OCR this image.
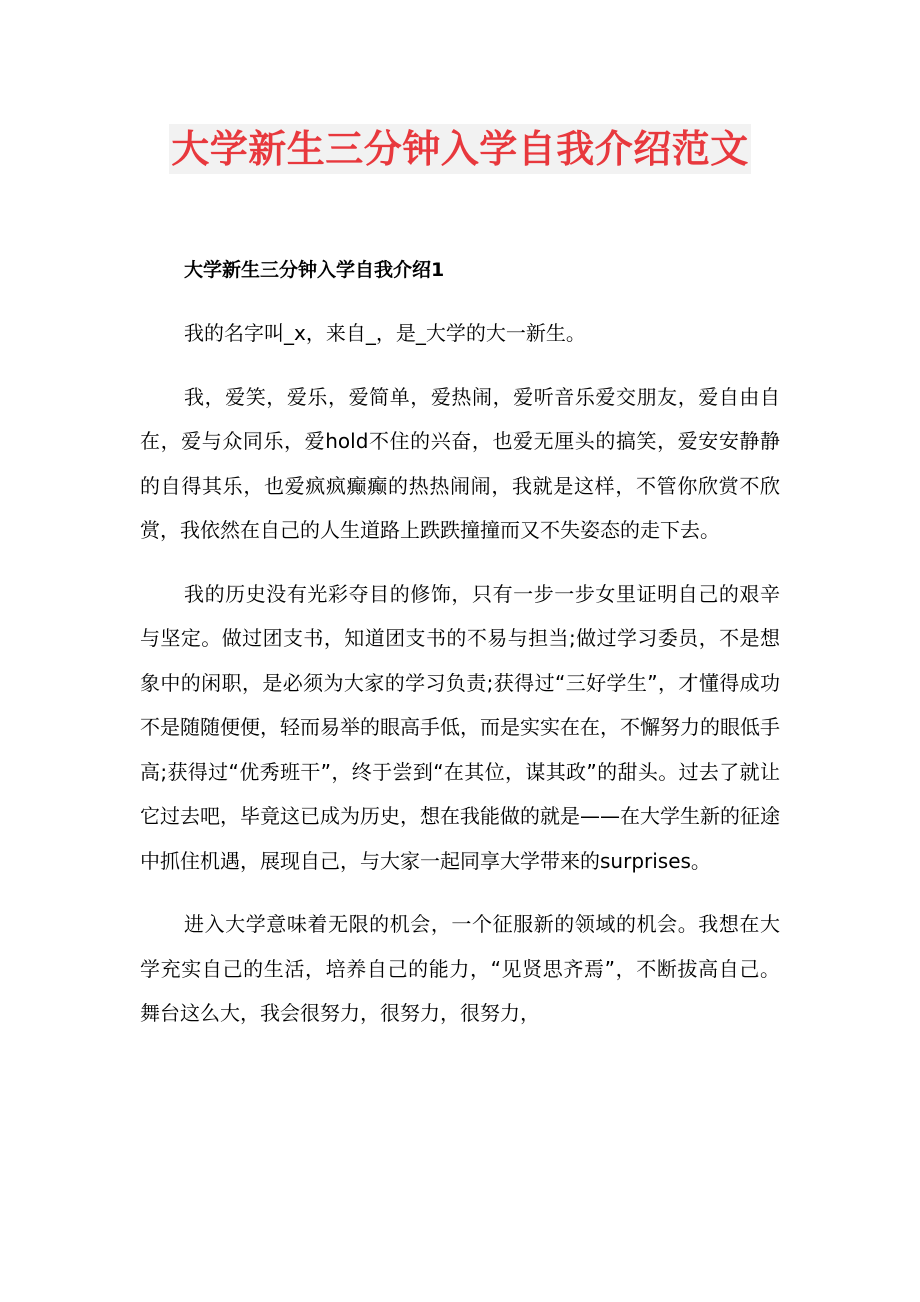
大学新生三分钟入学自我介绍范文

大学新生三分钟入学自我介绍1

我的名字叫_x，来自_，是_大学的大一新生。

我，爱笑，爱乐，爱简单，爱热闹，爱听音乐爱交朋友，爱自由自在，爱与众同乐，爱hold不住的兴奋，也爱无厘头的搞笑，爱安安静静的自得其乐，也爱疯疯癫癫的热热闹闹，我就是这样，不管你欣赏不欣赏，我依然在自己的人生道路上跌跌撞撞而又不失姿态的走下去。

我的历史没有光彩夺目的修饰，只有一步一步女里证明自己的艰辛与坚定。做过团支书，知道团支书的不易与担当;做过学习委员，不是想象中的闲职，是必须为大家的学习负责;获得过“三好学生”，才懂得成功不是随随便便，轻而易举的眼高手低，而是实实在在，不懈努力的眼低手高;获得过“优秀班干”，终于尝到“在其位，谋其政”的甜头。过去了就让它过去吧，毕竟这已成为历史，想在我能做的就是——在大学生新的征途中抓住机遇，展现自己，与大家一起同享大学带来的surprises。

进入大学意味着无限的机会，一个征服新的领域的机会。我想在大学充实自己的生活，培养自己的能力，“见贤思齐焉”，不断拔高自己。舞台这么大，我会很努力，很努力，很努力，
